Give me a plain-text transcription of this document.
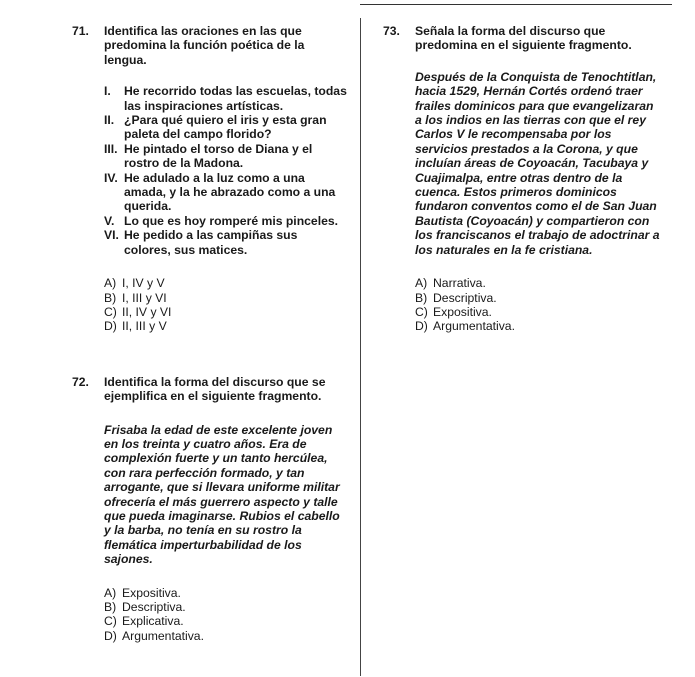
71.	Identifica las oraciones en las que predomina la función poética de la lengua.
I.	He recorrido todas las escuelas, todas las inspiraciones artísticas.
II. ¿Para qué quiero el iris y esta gran paleta del campo florido?
III. He pintado el torso de Diana y el rostro de la Madona.
IV. He adulado a la luz como a una amada, y la he abrazado como a una querida.
V. Lo que es hoy romperé mis pinceles.
VI. He pedido a las campiñas sus colores, sus matices.
A) I, IV y V
B) I, III y VI
C) II, IV y VI
D) II, III y V
72.	Identifica la forma del discurso que se ejemplifica en el siguiente fragmento.
Frisaba la edad de este excelente joven en los treinta y cuatro años. Era de complexión fuerte y un tanto hercúlea, con rara perfección formado, y tan arrogante, que si llevara uniforme militar ofrecería el más guerrero aspecto y talle que pueda imaginarse. Rubios el cabello y la barba, no tenía en su rostro la flemática imperturbabilidad de los sajones.
A) Expositiva.
B) Descriptiva.
C) Explicativa.
D) Argumentativa.
73.	Señala la forma del discurso que predomina en el siguiente fragmento.
Después de la Conquista de Tenochtitlan, hacia 1529, Hernán Cortés ordenó traer frailes dominicos para que evangelizaran a los indios en las tierras con que el rey Carlos V le recompensaba por los servicios prestados a la Corona, y que incluían áreas de Coyoacán, Tacubaya y Cuajimalpa, entre otras dentro de la cuenca. Estos primeros dominicos fundaron conventos como el de San Juan Bautista (Coyoacán) y compartieron con los franciscanos el trabajo de adoctrinar a los naturales en la fe cristiana.
A) Narrativa.
B) Descriptiva.
C) Expositiva.
D) Argumentativa.
